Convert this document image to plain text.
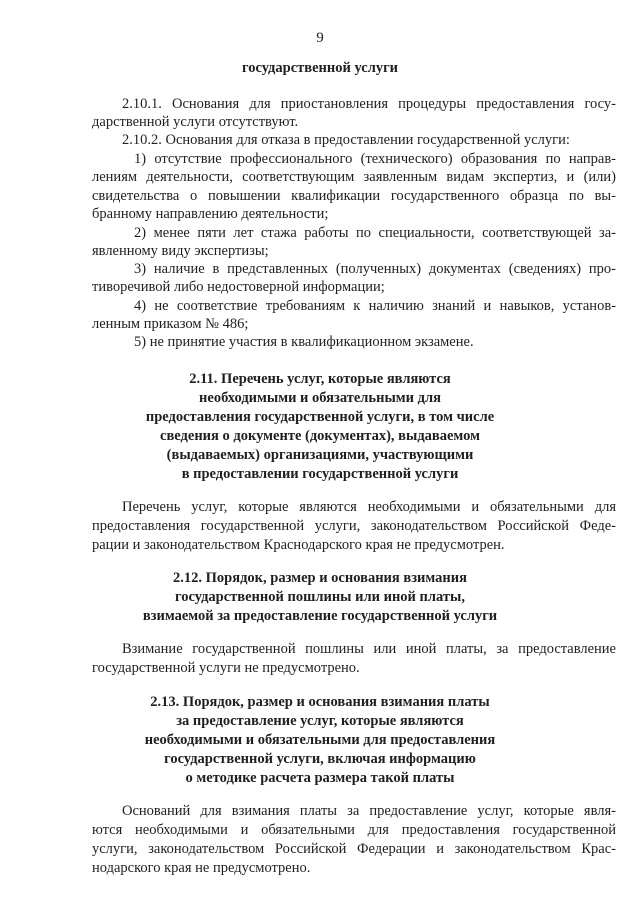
9
государственной услуги
2.10.1. Основания для приостановления процедуры предоставления госу-
дарственной услуги отсутствуют.
2.10.2. Основания для отказа в предоставлении государственной услуги:
1) отсутствие профессионального (технического) образования по направ-
лениям деятельности, соответствующим заявленным видам экспертиз, и (или)
свидетельства о повышении квалификации государственного образца по вы-
бранному направлению деятельности;
2) менее пяти лет стажа работы по специальности, соответствующей за-
явленному виду экспертизы;
3) наличие в представленных (полученных) документах (сведениях) про-
тиворечивой либо недостоверной информации;
4) не соответствие требованиям к наличию знаний и навыков, установ-
ленным приказом № 486;
5) не принятие участия в квалификационном экзамене.
2.11. Перечень услуг, которые являются
необходимыми и обязательными для
предоставления государственной услуги, в том числе
сведения о документе (документах), выдаваемом
(выдаваемых) организациями, участвующими
в предоставлении государственной услуги
Перечень услуг, которые являются необходимыми и обязательными для
предоставления государственной услуги, законодательством Российской Феде-
рации и законодательством Краснодарского края не предусмотрен.
2.12. Порядок, размер и основания взимания
государственной пошлины или иной платы,
взимаемой за предоставление государственной услуги
Взимание государственной пошлины или иной платы, за предоставление
государственной услуги не предусмотрено.
2.13. Порядок, размер и основания взимания платы
за предоставление услуг, которые являются
необходимыми и обязательными для предоставления
государственной услуги, включая информацию
о методике расчета размера такой платы
Оснований для взимания платы за предоставление услуг, которые явля-
ются необходимыми и обязательными для предоставления государственной
услуги, законодательством Российской Федерации и законодательством Крас-
нодарского края не предусмотрено.
